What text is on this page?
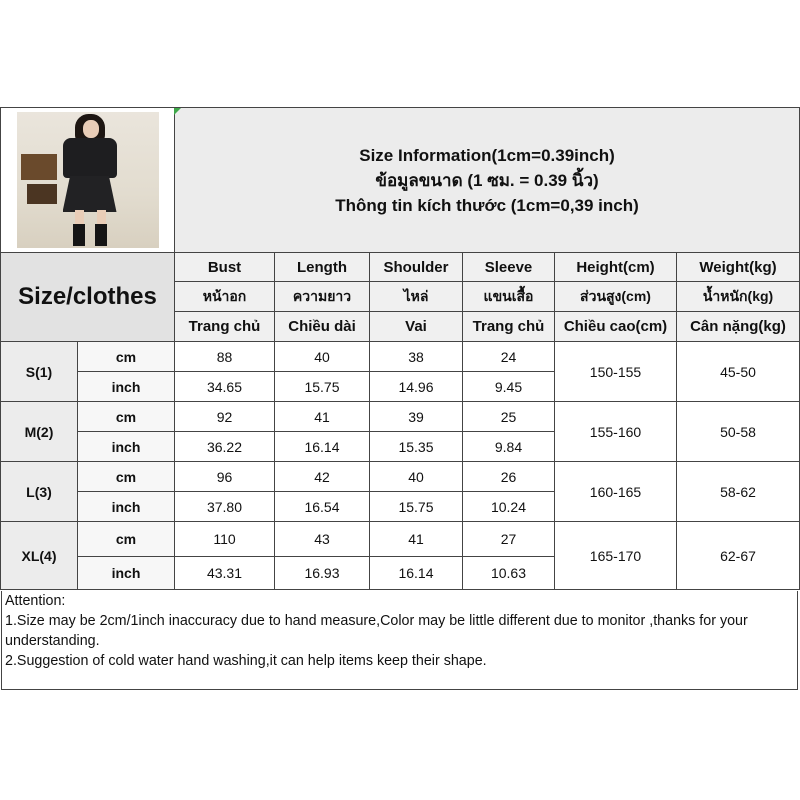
		Size Information(1cm=0.39inch)
ข้อมูลขนาด (1 ซม. = 0.39 นิ้ว)
Thông tin kích thước (1cm=0,39 inch)					

Size/clothes		Bust	Length	Shoulder	Sleeve	Height(cm)	Weight(kg)
		หน้าอก	ความยาว	ไหล่	แขนเสื้อ	ส่วนสูง(cm)	น้ำหนัก(kg)
		Trang chủ	Chiều dài	Vai	Trang chủ	Chiều cao(cm)	Cân nặng(kg)
S(1)	cm	88	40	38	24	150-155	45-50
	inch	34.65	15.75	14.96	9.45		
M(2)	cm	92	41	39	25	155-160	50-58
	inch	36.22	16.14	15.35	9.84		
L(3)	cm	96	42	40	26	160-165	58-62
	inch	37.80	16.54	15.75	10.24		
XL(4)	cm	110	43	41	27	165-170	62-67
	inch	43.31	16.93	16.14	10.63		
Attention:
1.Size may be 2cm/1inch inaccuracy due to hand measure,Color may be little different due to monitor ,thanks for your understanding.
2.Suggestion of cold water hand washing,it can help items keep their shape.
